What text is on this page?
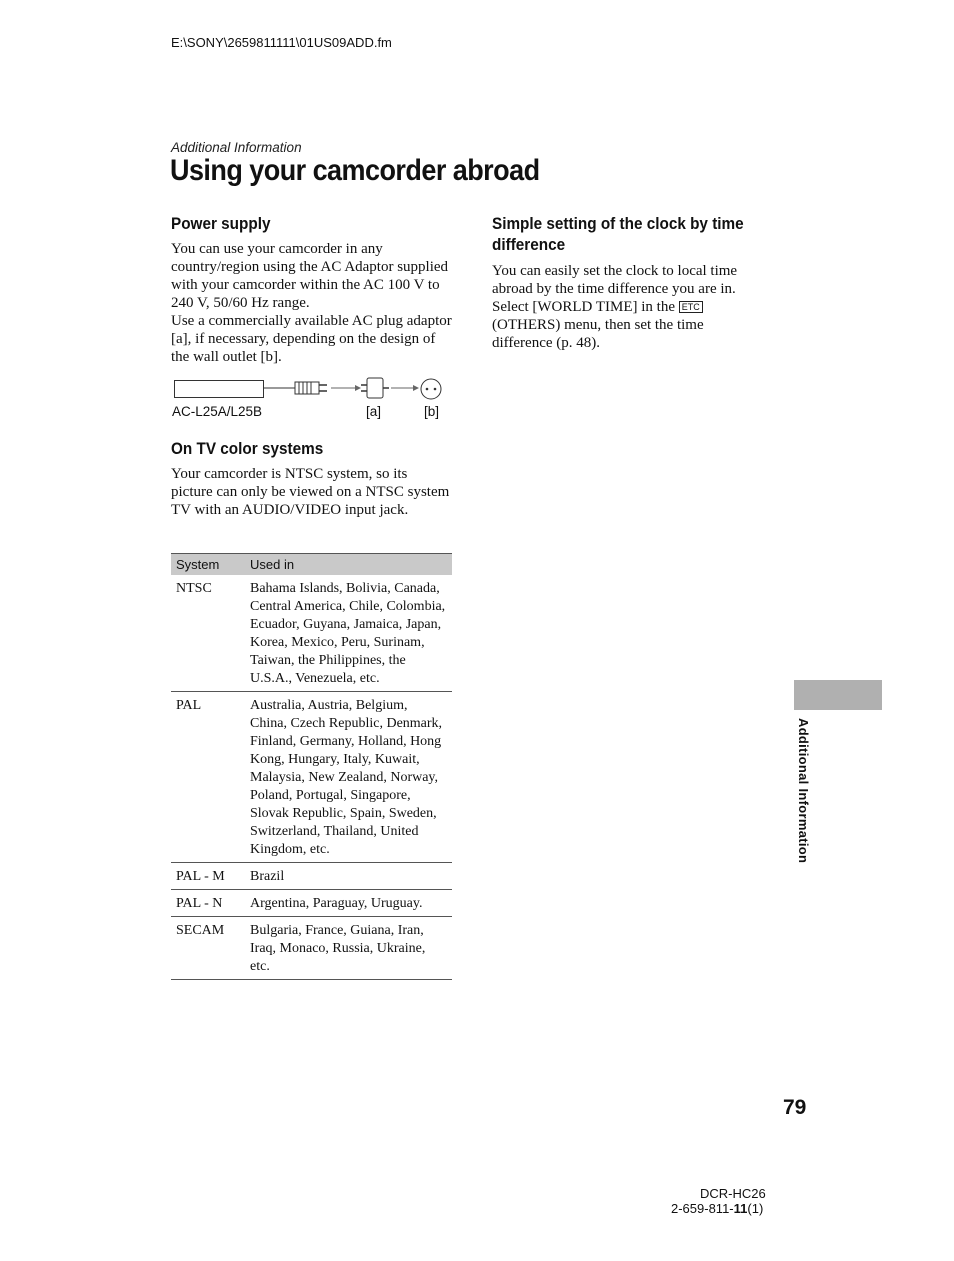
E:\SONY\2659811111\01US09ADD.fm
Additional Information
Using your camcorder abroad
Power supply

You can use your camcorder in any country/region using the AC Adaptor supplied with your camcorder within the AC 100 V to 240 V, 50/60 Hz range.

Use a commercially available AC plug adaptor [a], if necessary, depending on the design of the wall outlet [b].

AC-L25A/L25B	[a]	[b]
On TV color systems

Your camcorder is NTSC system, so its picture can only be viewed on a NTSC system TV with an AUDIO/VIDEO input jack.

System	Used in
NTSC	Bahama Islands, Bolivia, Canada, Central America, Chile, Colombia, Ecuador, Guyana, Jamaica, Japan, Korea, Mexico, Peru, Surinam, Taiwan, the Philippines, the U.S.A., Venezuela, etc.
PAL	Australia, Austria, Belgium, China, Czech Republic, Denmark, Finland, Germany, Holland, Hong Kong, Hungary, Italy, Kuwait, Malaysia, New Zealand, Norway, Poland, Portugal, Singapore, Slovak Republic, Spain, Sweden, Switzerland, Thailand, United Kingdom, etc.
PAL - M	Brazil
PAL - N	Argentina, Paraguay, Uruguay.
SECAM	Bulgaria, France, Guiana, Iran, Iraq, Monaco, Russia, Ukraine, etc.
Simple setting of the clock by time difference

You can easily set the clock to local time abroad by the time difference you are in. Select [WORLD TIME] in the ETC (OTHERS) menu, then set the time difference (p. 48).

Additional Information
79
DCR-HC26
2-659-811-11(1)
